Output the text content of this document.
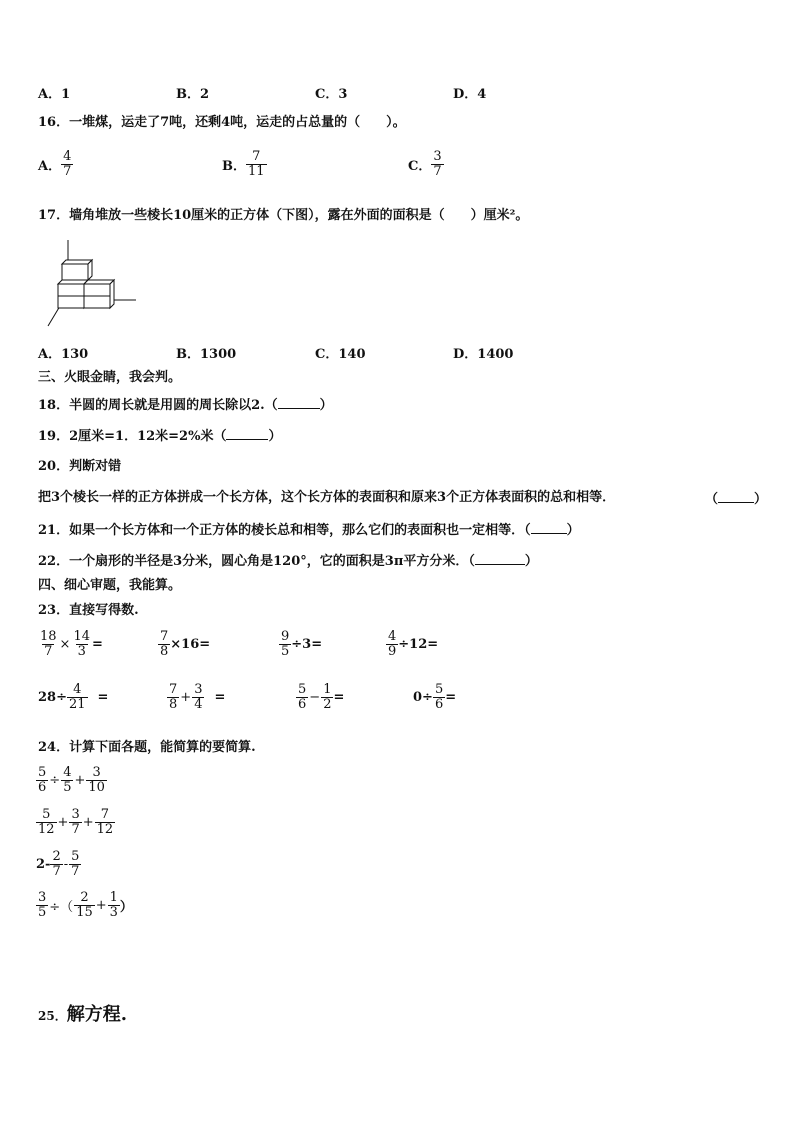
A．1	B．2	C．3	D．4
16．一堆煤，运走了7吨，还剩4吨，运走的占总量的（　　）。
A． $\frac{4}{7}$	B． $\frac{7}{11}$	C． $\frac{3}{7}$
17．墙角堆放一些棱长10厘米的正方体（下图），露在外面的面积是（　　）厘米²。
A．130	B．1300	C．140	D．1400
三、火眼金睛，我会判。
18．半圆的周长就是用圆的周长除以2.（	）
19．2厘米=1．12米=2%米（	）
20．判断对错
把3个棱长一样的正方体拼成一个长方体，这个长方体的表面积和原来3个正方体表面积的总和相等．	（	）
21．如果一个长方体和一个正方体的棱长总和相等，那么它们的表面积也一定相等．（	）
22．一个扇形的半径是3分米，圆心角是120°，它的面积是3π平方分米．（	）
四、细心审题，我能算。
23．直接写得数.
$\frac{18}{7} \times \frac{14}{3}$ =	$\frac{7}{8} \times 16=$	$\frac{9}{5} \div 3=$	$\frac{4}{9} \div 12=$
$28\div \frac{4}{21}$ =	$\frac{7}{8} + \frac{3}{4}$ =	$\frac{5}{6} - \frac{1}{2}$ =	$0\div \frac{5}{6}$ =
24．计算下面各题，能简算的要简算.
$\frac{5}{6} \div \frac{4}{5} + \frac{3}{10}$
$\frac{5}{12} + \frac{3}{7} + \frac{7}{12}$
$2- \frac{2}{7} - \frac{5}{7}$
$\frac{3}{5}$ ÷（ $\frac{2}{15} + \frac{1}{3}$ ）
25．解方程.
